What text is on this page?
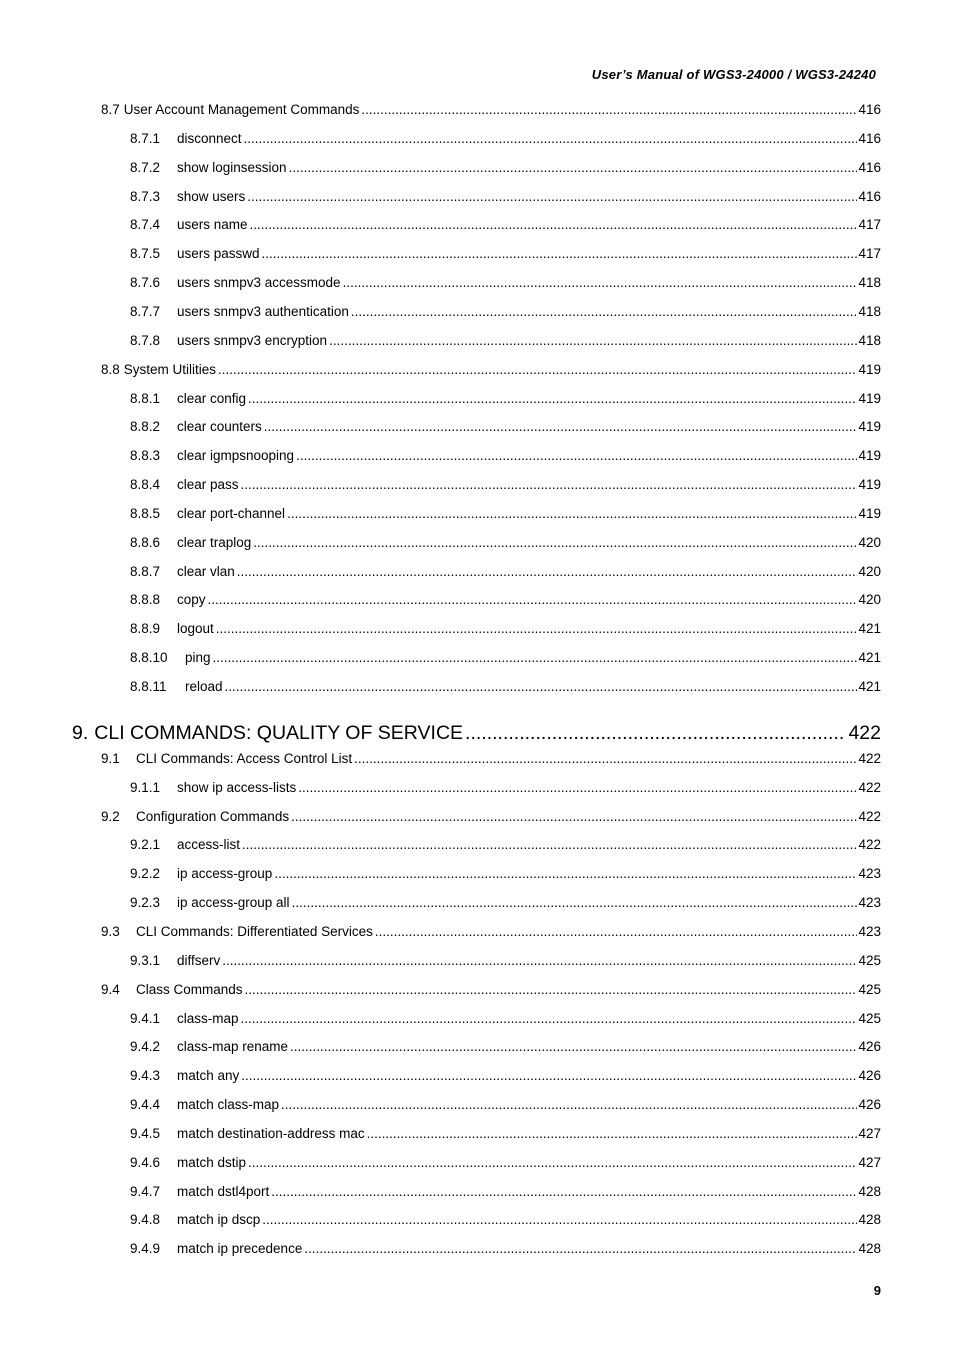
User’s Manual of WGS3-24000 / WGS3-24240
8.7 User Account Management Commands .....	416
8.7.1	disconnect .....	416
8.7.2	show loginsession .....	416
8.7.3	show users .....	416
8.7.4	users name .....	417
8.7.5	users passwd .....	417
8.7.6	users snmpv3 accessmode .....	418
8.7.7	users snmpv3 authentication .....	418
8.7.8	users snmpv3 encryption .....	418
8.8 System Utilities .....	419
8.8.1	clear config .....	419
8.8.2	clear counters .....	419
8.8.3	clear igmpsnooping .....	419
8.8.4	clear pass .....	419
8.8.5	clear port-channel .....	419
8.8.6	clear traplog .....	420
8.8.7	clear vlan .....	420
8.8.8	copy .....	420
8.8.9	logout .....	421
8.8.10	ping .....	421
8.8.11	reload .....	421
9. CLI COMMANDS: QUALITY OF SERVICE .....	422
9.1	CLI Commands: Access Control List .....	422
9.1.1	show ip access-lists .....	422
9.2	Configuration Commands .....	422
9.2.1	access-list .....	422
9.2.2	ip access-group .....	423
9.2.3	ip access-group all .....	423
9.3	CLI Commands: Differentiated Services .....	423
9.3.1	diffserv .....	425
9.4	Class Commands .....	425
9.4.1	class-map .....	425
9.4.2	class-map rename .....	426
9.4.3	match any .....	426
9.4.4	match class-map .....	426
9.4.5	match destination-address mac .....	427
9.4.6	match dstip .....	427
9.4.7	match dstl4port .....	428
9.4.8	match ip dscp .....	428
9.4.9	match ip precedence .....	428
9
